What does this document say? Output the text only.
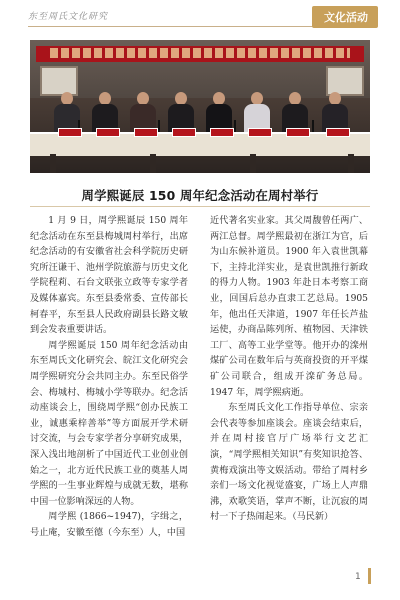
东至周氏文化研究	文化活动
周学熙诞辰 150 周年纪念活动在周村举行

1 月 9 日，周学熙诞辰 150 周年纪念活动在东至县梅城周村举行，出席纪念活动的有安徽省社会科学院历史研究所汪谦干、池州学院旅游与历史文化学院程莉、石台文联张立政等专家学者及媒体嘉宾。东至县委常委、宣传部长柯春平，东至县人民政府副县长路文敏到会发表重要讲话。

周学熙诞辰 150 周年纪念活动由东至周氏文化研究会、皖江文化研究会周学熙研究分会共同主办。东至民俗学会、梅城村、梅城小学等联办。纪念活动座谈会上，围绕周学熙“创办民族工业，诚惠乘梓善举”等方面展开学术研讨交流，与会专家学者分享研究成果，深入浅出地剖析了中国近代工业创业创始之一，北方近代民族工业的奠基人周学熙的一生事业辉煌与成就无数，堪称中国一位影响深远的人物。

周学熙 (1866~1947)，字缉之，号止庵，安徽至德（今东至）人，中国

近代著名实业家。其父周馥曾任两广、两江总督。周学熙最初在浙江为官，后为山东候补道员。1900 年入袁世凯幕下，主持北洋实业，是袁世凯推行新政的得力人物。1903 年赴日本考察工商业，回国后总办直隶工艺总局。1905 年，他出任天津道，1907 年任长芦盐运使，办商品陈列所、植物园、天津铁工厂、高等工业学堂等。他开办的滦州煤矿公司在数年后与英商投资的开平煤矿公司联合，组成开滦矿务总局。1947 年，周学熙病逝。

东至周氏文化工作指导单位、宗亲会代表等参加座谈会。座谈会结束后，并在周村接官厅广场举行文艺汇演，“周学熙相关知识”有奖知识抢答、黄梅戏演出等文娱活动。带给了周村乡亲们一场文化视觉盛宴，广场上人声鼎沸，欢歌笑语，掌声不断，让沉寂的周村一下子热闹起来。（马民新）

1
